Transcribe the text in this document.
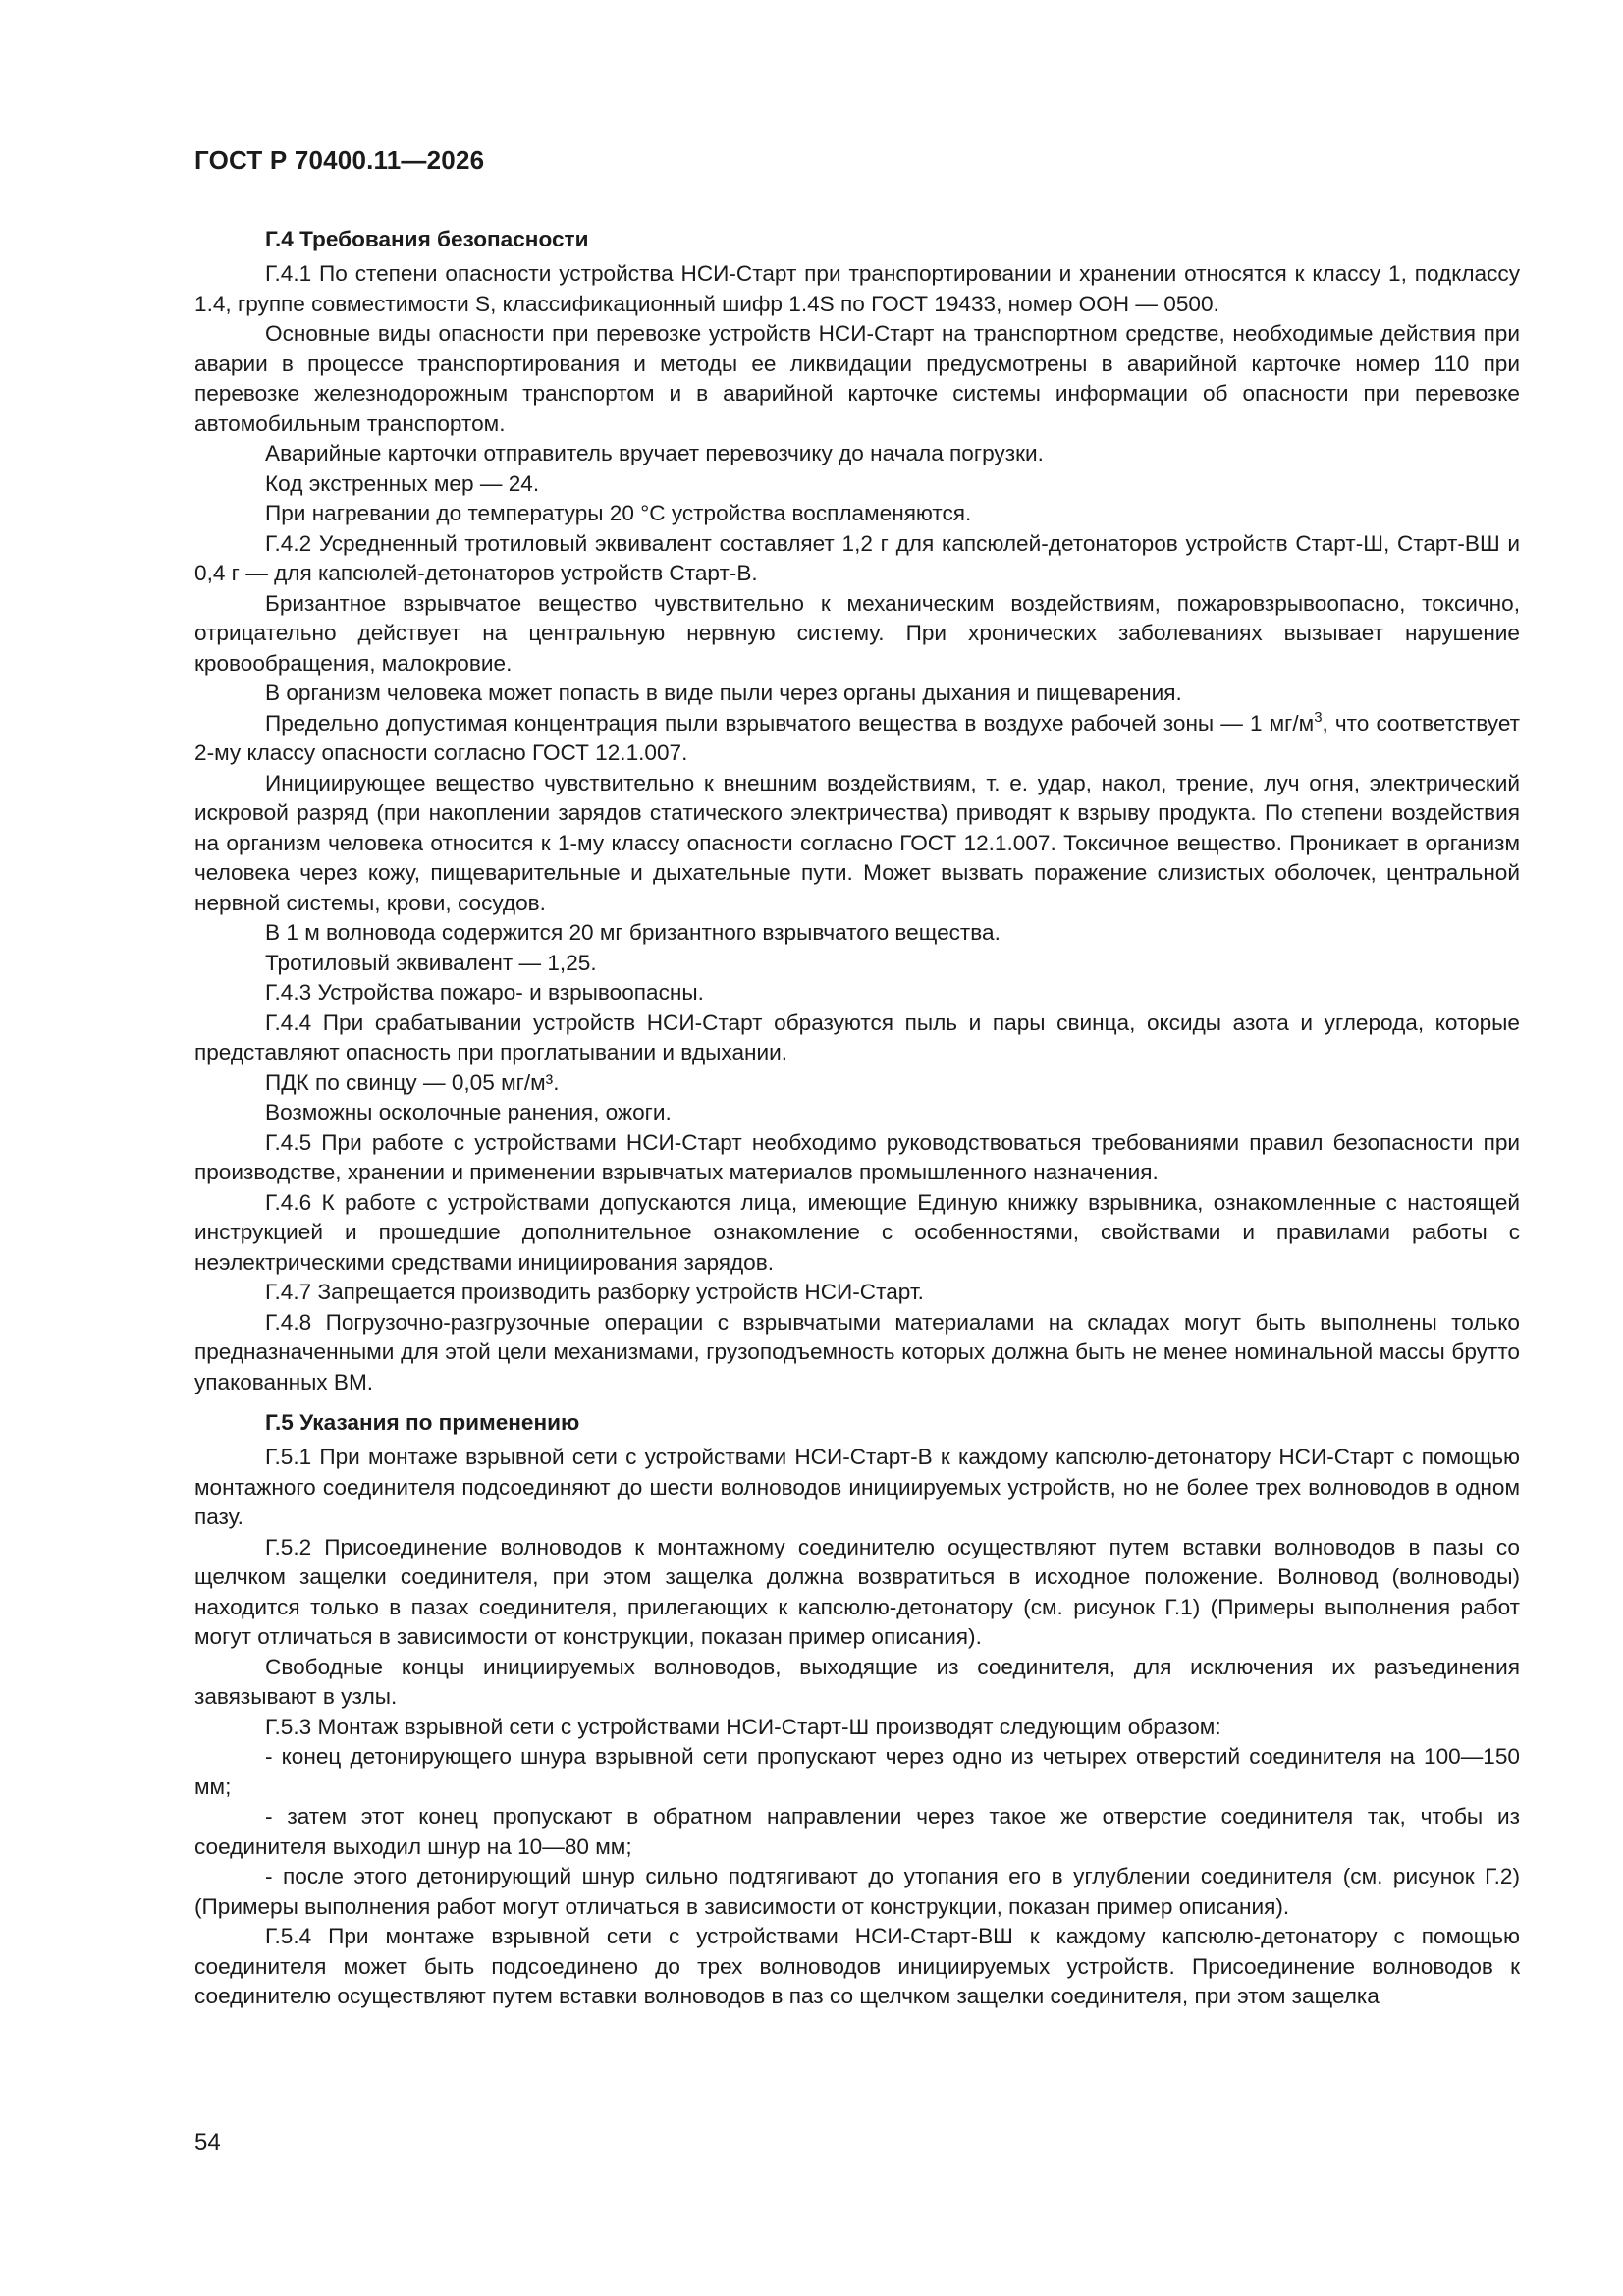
ГОСТ Р 70400.11—2026
Г.4 Требования безопасности

Г.4.1 По степени опасности устройства НСИ-Старт при транспортировании и хранении относятся к классу 1, подклассу 1.4, группе совместимости S, классификационный шифр 1.4S по ГОСТ 19433, номер ООН — 0500.

Основные виды опасности при перевозке устройств НСИ-Старт на транспортном средстве, необходимые действия при аварии в процессе транспортирования и методы ее ликвидации предусмотрены в аварийной карточке номер 110 при перевозке железнодорожным транспортом и в аварийной карточке системы информации об опасности при перевозке автомобильным транспортом.

Аварийные карточки отправитель вручает перевозчику до начала погрузки.

Код экстренных мер — 24.

При нагревании до температуры 20 °С устройства воспламеняются.

Г.4.2 Усредненный тротиловый эквивалент составляет 1,2 г для капсюлей-детонаторов устройств Старт-Ш, Старт-ВШ и 0,4 г — для капсюлей-детонаторов устройств Старт-В.

Бризантное взрывчатое вещество чувствительно к механическим воздействиям, пожаровзрывоопасно, токсично, отрицательно действует на центральную нервную систему. При хронических заболеваниях вызывает нарушение кровообращения, малокровие.

В организм человека может попасть в виде пыли через органы дыхания и пищеварения.

Предельно допустимая концентрация пыли взрывчатого вещества в воздухе рабочей зоны — 1 $мг/м^3$, что соответствует 2-му классу опасности согласно ГОСТ 12.1.007.

Инициирующее вещество чувствительно к внешним воздействиям, т. е. удар, накол, трение, луч огня, электрический искровой разряд (при накоплении зарядов статического электричества) приводят к взрыву продукта. По степени воздействия на организм человека относится к 1-му классу опасности согласно ГОСТ 12.1.007. Токсичное вещество. Проникает в организм человека через кожу, пищеварительные и дыхательные пути. Может вызвать поражение слизистых оболочек, центральной нервной системы, крови, сосудов.

В 1 м волновода содержится 20 мг бризантного взрывчатого вещества.

Тротиловый эквивалент — 1,25.

Г.4.3 Устройства пожаро- и взрывоопасны.

Г.4.4 При срабатывании устройств НСИ-Старт образуются пыль и пары свинца, оксиды азота и углерода, которые представляют опасность при проглатывании и вдыхании.

ПДК по свинцу — 0,05 мг/м³.

Возможны осколочные ранения, ожоги.

Г.4.5 При работе с устройствами НСИ-Старт необходимо руководствоваться требованиями правил безопасности при производстве, хранении и применении взрывчатых материалов промышленного назначения.

Г.4.6 К работе с устройствами допускаются лица, имеющие Единую книжку взрывника, ознакомленные с настоящей инструкцией и прошедшие дополнительное ознакомление с особенностями, свойствами и правилами работы с неэлектрическими средствами инициирования зарядов.

Г.4.7 Запрещается производить разборку устройств НСИ-Старт.

Г.4.8 Погрузочно-разгрузочные операции с взрывчатыми материалами на складах могут быть выполнены только предназначенными для этой цели механизмами, грузоподъемность которых должна быть не менее номинальной массы брутто упакованных ВМ.

Г.5 Указания по применению

Г.5.1 При монтаже взрывной сети с устройствами НСИ-Старт-В к каждому капсюлю-детонатору НСИ-Старт с помощью монтажного соединителя подсоединяют до шести волноводов инициируемых устройств, но не более трех волноводов в одном пазу.

Г.5.2 Присоединение волноводов к монтажному соединителю осуществляют путем вставки волноводов в пазы со щелчком защелки соединителя, при этом защелка должна возвратиться в исходное положение. Волновод (волноводы) находится только в пазах соединителя, прилегающих к капсюлю-детонатору (см. рисунок Г.1) (Примеры выполнения работ могут отличаться в зависимости от конструкции, показан пример описания).

Свободные концы инициируемых волноводов, выходящие из соединителя, для исключения их разъединения завязывают в узлы.

Г.5.3 Монтаж взрывной сети с устройствами НСИ-Старт-Ш производят следующим образом:

- конец детонирующего шнура взрывной сети пропускают через одно из четырех отверстий соединителя на 100—150 мм;

- затем этот конец пропускают в обратном направлении через такое же отверстие соединителя так, чтобы из соединителя выходил шнур на 10—80 мм;

- после этого детонирующий шнур сильно подтягивают до утопания его в углублении соединителя (см. рисунок Г.2) (Примеры выполнения работ могут отличаться в зависимости от конструкции, показан пример описания).

Г.5.4 При монтаже взрывной сети с устройствами НСИ-Старт-ВШ к каждому капсюлю-детонатору с помощью соединителя может быть подсоединено до трех волноводов инициируемых устройств. Присоединение волноводов к соединителю осуществляют путем вставки волноводов в паз со щелчком защелки соединителя, при этом защелка

54
